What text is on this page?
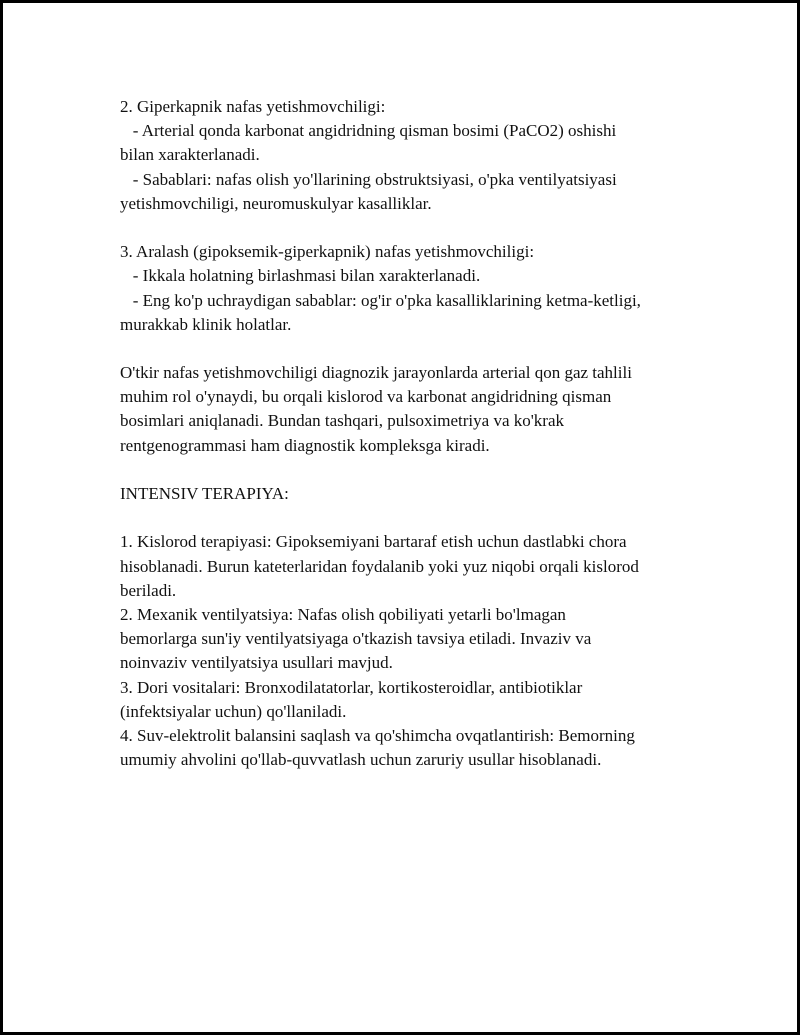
2. Giperkapnik nafas yetishmovchiligi:
- Arterial qonda karbonat angidridning qisman bosimi (PaCO2) oshishi
bilan xarakterlanadi.
- Sabablari: nafas olish yo'llarining obstruktsiyasi, o'pka ventilyatsiyasi
yetishmovchiligi, neuromuskulyar kasalliklar.
3. Aralash (gipoksemik-giperkapnik) nafas yetishmovchiligi:
- Ikkala holatning birlashmasi bilan xarakterlanadi.
- Eng ko'p uchraydigan sabablar: og'ir o'pka kasalliklarining ketma-ketligi,
murakkab klinik holatlar.
O'tkir nafas yetishmovchiligi diagnozik jarayonlarda arterial qon gaz tahlili
muhim rol o'ynaydi, bu orqali kislorod va karbonat angidridning qisman
bosimlari aniqlanadi. Bundan tashqari, pulsoximetriya va ko'krak
rentgenogrammasi ham diagnostik kompleksga kiradi.
INTENSIV TERAPIYA:
1. Kislorod terapiyasi: Gipoksemiyani bartaraf etish uchun dastlabki chora
hisoblanadi. Burun kateterlaridan foydalanib yoki yuz niqobi orqali kislorod
beriladi.
2. Mexanik ventilyatsiya: Nafas olish qobiliyati yetarli bo'lmagan
bemorlarga sun'iy ventilyatsiyaga o'tkazish tavsiya etiladi. Invaziv va
noinvaziv ventilyatsiya usullari mavjud.
3. Dori vositalari: Bronxodilatatorlar, kortikosteroidlar, antibiotiklar
(infektsiyalar uchun) qo'llaniladi.
4. Suv-elektrolit balansini saqlash va qo'shimcha ovqatlantirish: Bemorning
umumiy ahvolini qo'llab-quvvatlash uchun zaruriy usullar hisoblanadi.
